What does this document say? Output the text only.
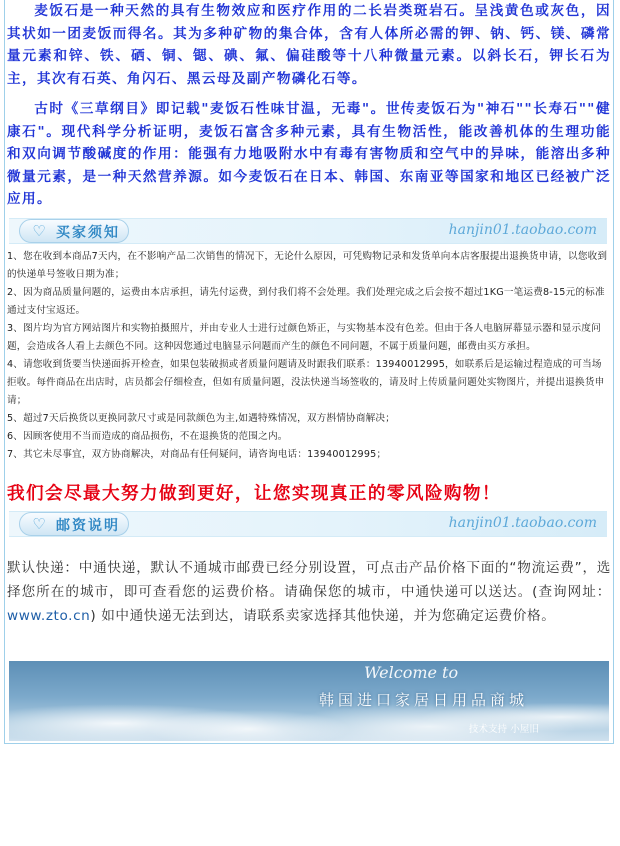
麦饭石是一种天然的具有生物效应和医疗作用的二长岩类斑岩石。呈浅黄色或灰色，因其状如一团麦饭而得名。其为多种矿物的集合体，含有人体所必需的钾、钠、钙、镁、磷常量元素和锌、铁、硒、铜、锶、碘、氟、偏硅酸等十八种微量元素。以斜长石，钾长石为主，其次有石英、角闪石、黑云母及副产物磷化石等。

古时《三草纲目》即记载"麦饭石性味甘温，无毒"。世传麦饭石为"神石""长寿石""健康石"。现代科学分析证明，麦饭石富含多种元素，具有生物活性，能改善机体的生理功能和双向调节酸碱度的作用：能强有力地吸附水中有毒有害物质和空气中的异味，能溶出多种微量元素，是一种天然营养源。如今麦饭石在日本、韩国、东南亚等国家和地区已经被广泛应用。

♡ 买家须知	hanjin01.taobao.com

1、您在收到本商品7天内，在不影响产品二次销售的情况下，无论什么原因，可凭购物记录和发货单向本店客服提出退换货申请，以您收到的快递单号签收日期为准；

2、因为商品质量问题的，运费由本店承担，请先付运费，到付我们将不会处理。我们处理完成之后会按不超过1KG一笔运费8-15元的标准通过支付宝返还。

3、图片均为官方网站图片和实物拍摄照片，并由专业人士进行过颜色矫正，与实物基本没有色差。但由于各人电脑屏幕显示器和显示度问题，会造成各人看上去颜色不同。这种因您通过电脑显示问题而产生的颜色不同问题，不属于质量问题，邮费由买方承担。

4、请您收到货要当快递面拆开检查，如果包装破损或者质量问题请及时跟我们联系：13940012995，如联系后是运输过程造成的可当场拒收。每件商品在出店时，店员都会仔细检查，但如有质量问题，没法快递当场签收的，请及时上传质量问题处实物图片，并提出退换货申请；

5、超过7天后换货以更换同款尺寸或是同款颜色为主,如遇特殊情况，双方斟情协商解决；

6、因顾客使用不当而造成的商品损伤，不在退换货的范围之内。

7、其它未尽事宜，双方协商解决，对商品有任何疑问，请咨询电话：13940012995；

我们会尽最大努力做到更好，让您实现真正的零风险购物！

♡ 邮资说明	hanjin01.taobao.com

默认快递：中通快递，默认不通城市邮费已经分别设置，可点击产品价格下面的“物流运费”，选择您所在的城市，即可查看您的运费价格。请确保您的城市，中通快递可以送达。(查询网址：www.zto.cn) 如中通快递无法到达，请联系卖家选择其他快递，并为您确定运费价格。

Welcome to
韩国进口家居日用品商城
技术支持 小屋旧
